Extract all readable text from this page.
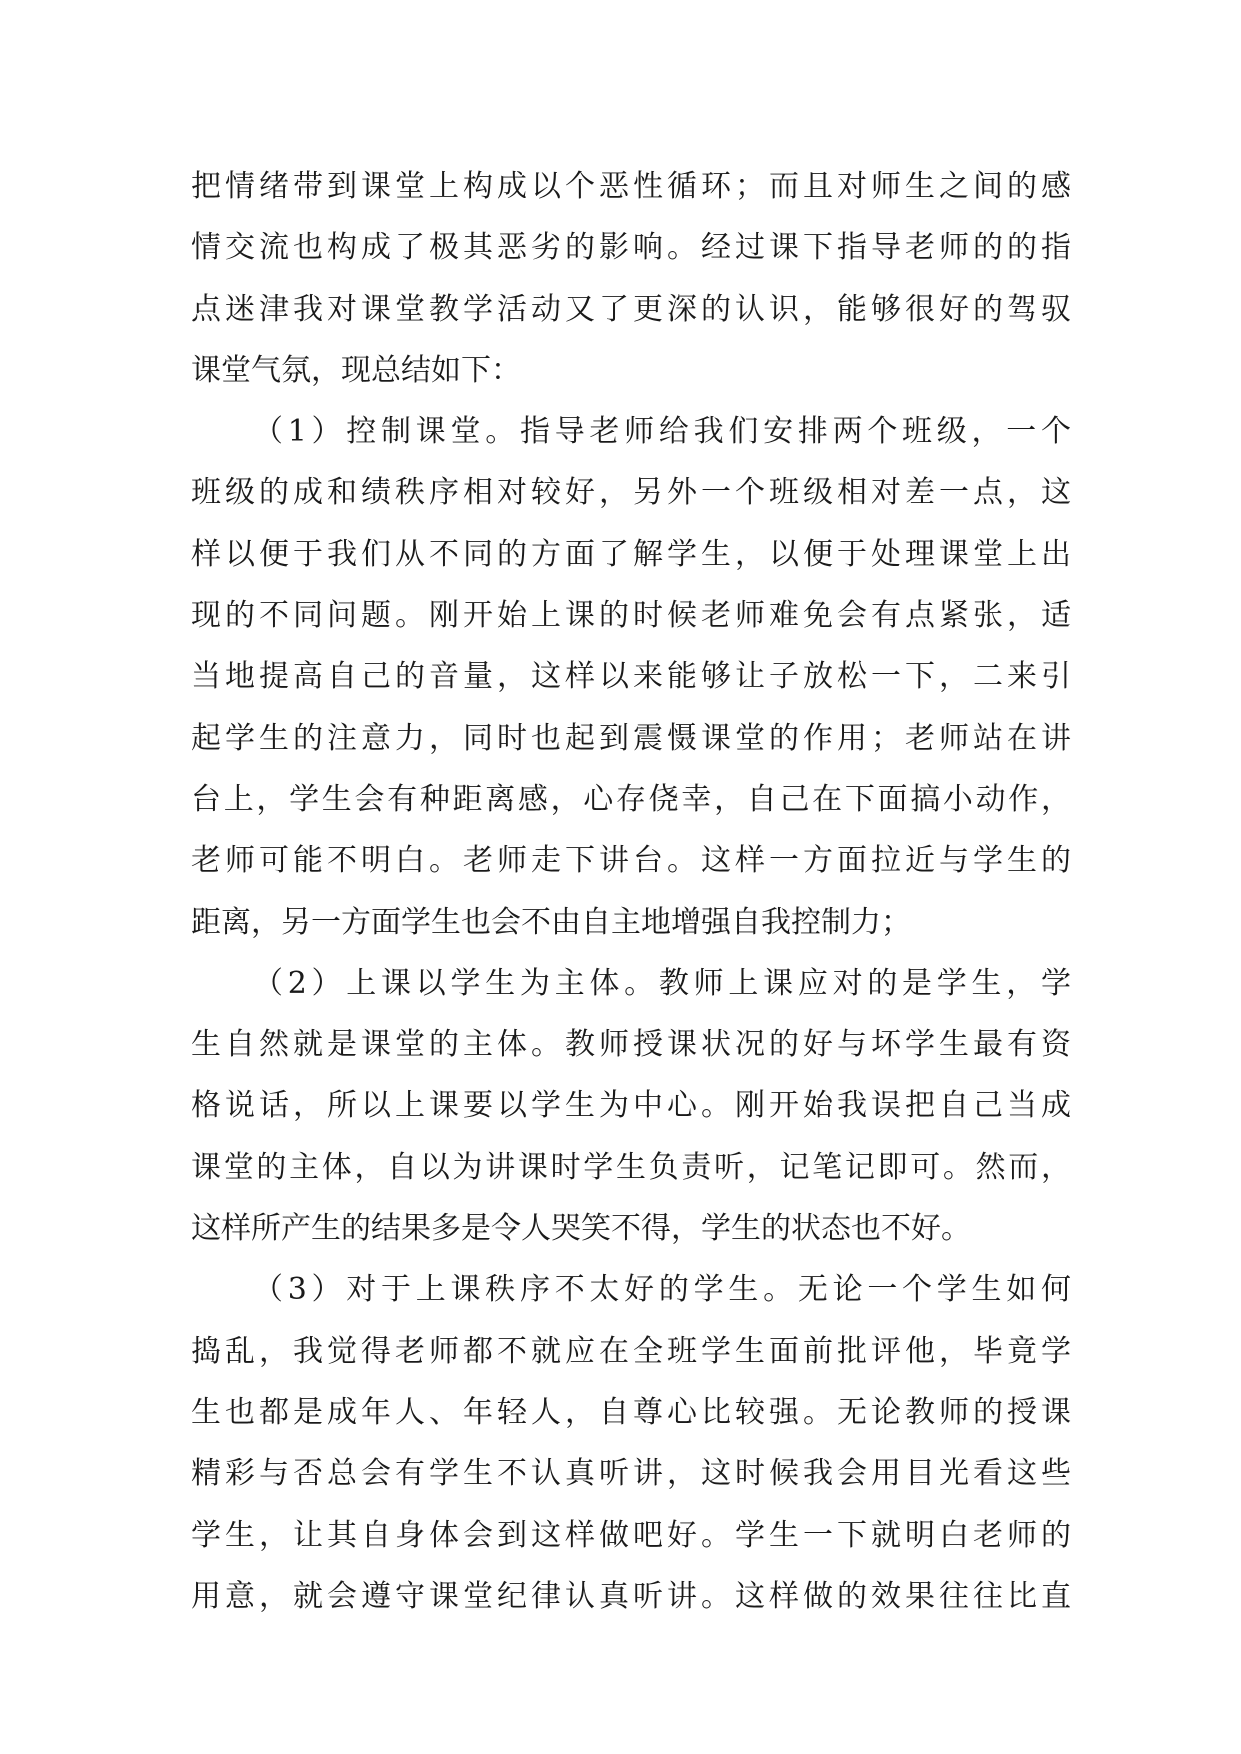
把情绪带到课堂上构成以个恶性循环；而且对师生之间的感
情交流也构成了极其恶劣的影响。经过课下指导老师的的指
点迷津我对课堂教学活动又了更深的认识，能够很好的驾驭
课堂气氛，现总结如下：
（1）控制课堂。指导老师给我们安排两个班级，一个
班级的成和绩秩序相对较好，另外一个班级相对差一点，这
样以便于我们从不同的方面了解学生，以便于处理课堂上出
现的不同问题。刚开始上课的时候老师难免会有点紧张，适
当地提高自己的音量，这样以来能够让子放松一下，二来引
起学生的注意力，同时也起到震慑课堂的作用；老师站在讲
台上，学生会有种距离感，心存侥幸，自己在下面搞小动作，
老师可能不明白。老师走下讲台。这样一方面拉近与学生的
距离，另一方面学生也会不由自主地增强自我控制力；
（2）上课以学生为主体。教师上课应对的是学生，学
生自然就是课堂的主体。教师授课状况的好与坏学生最有资
格说话，所以上课要以学生为中心。刚开始我误把自己当成
课堂的主体，自以为讲课时学生负责听，记笔记即可。然而，
这样所产生的结果多是令人哭笑不得，学生的状态也不好。
（3）对于上课秩序不太好的学生。无论一个学生如何
捣乱，我觉得老师都不就应在全班学生面前批评他，毕竟学
生也都是成年人、年轻人，自尊心比较强。无论教师的授课
精彩与否总会有学生不认真听讲，这时候我会用目光看这些
学生，让其自身体会到这样做吧好。学生一下就明白老师的
用意，就会遵守课堂纪律认真听讲。这样做的效果往往比直
